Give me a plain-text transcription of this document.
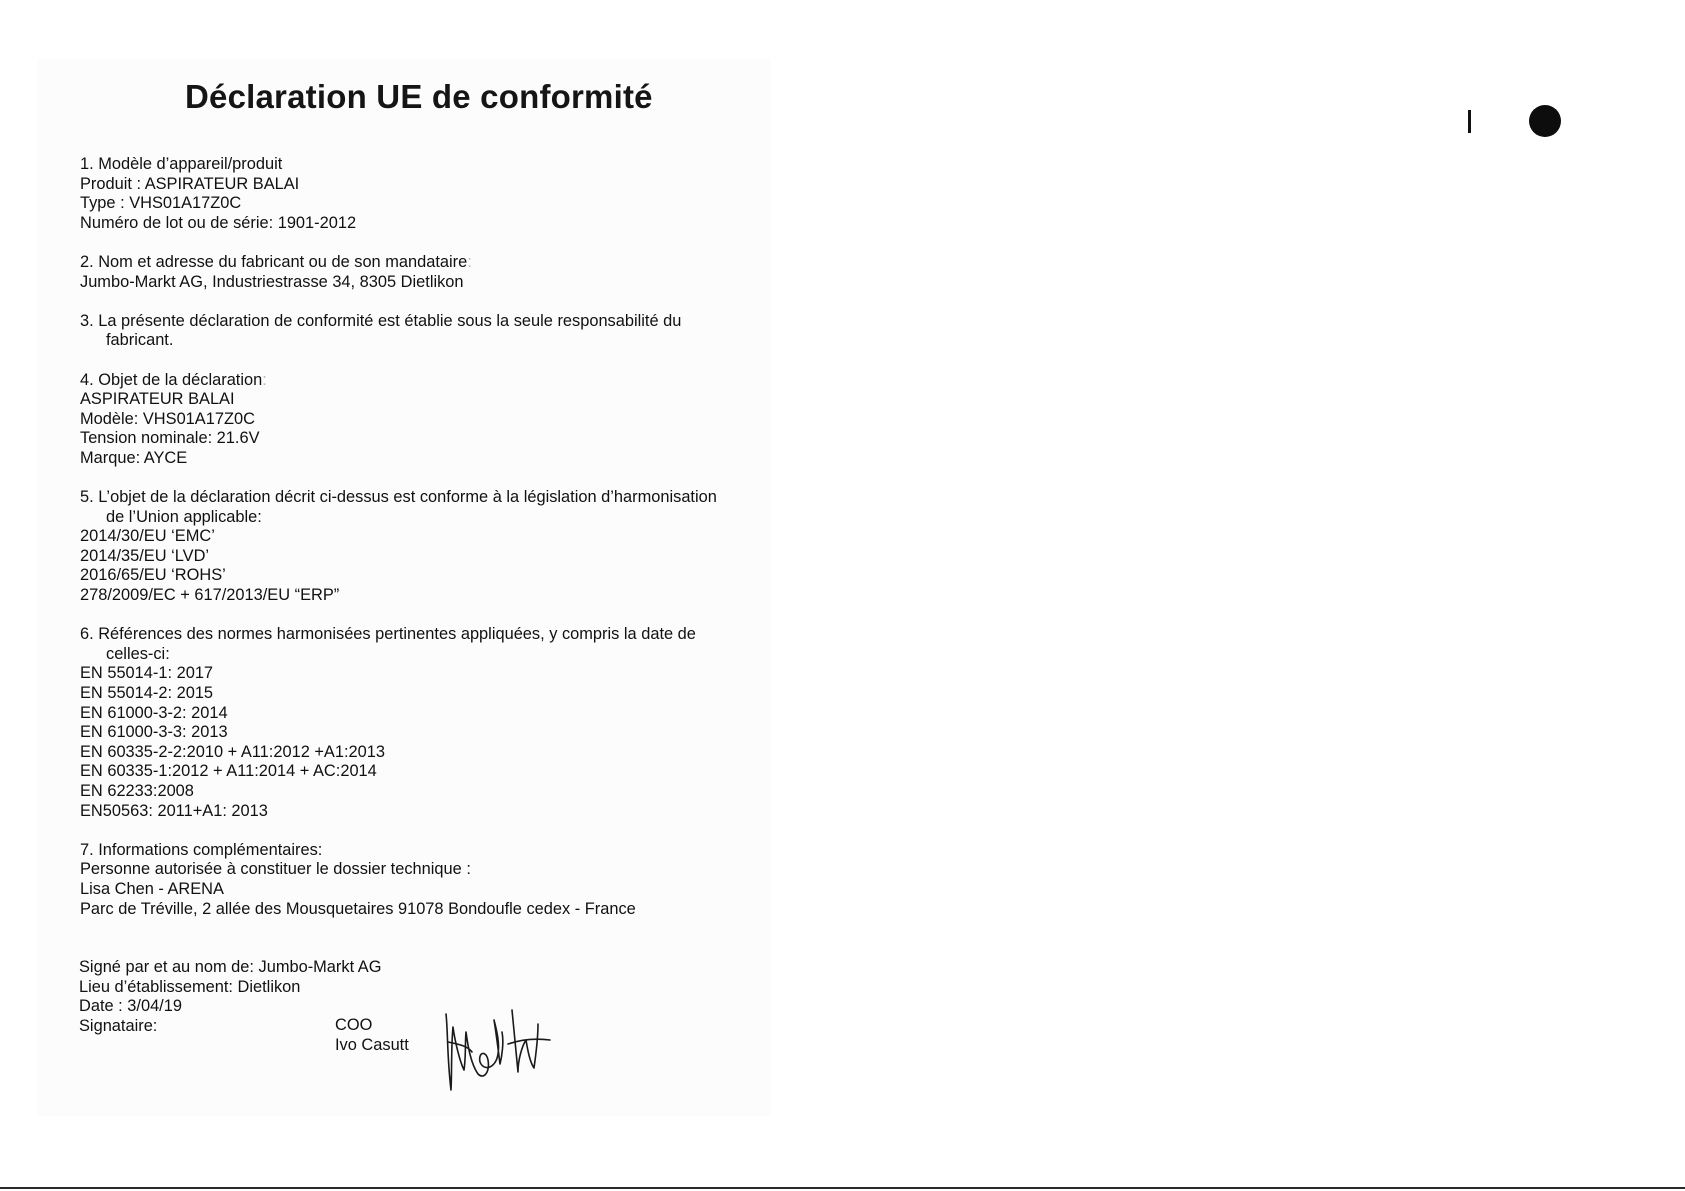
Déclaration UE de conformité
1. Modèle d’appareil/produit
Produit : ASPIRATEUR BALAI
Type : VHS01A17Z0C
Numéro de lot ou de série: 1901-2012
2. Nom et adresse du fabricant ou de son mandataire:
Jumbo-Markt AG, Industriestrasse 34, 8305 Dietlikon
3. La présente déclaration de conformité est établie sous la seule responsabilité du
fabricant.
4. Objet de la déclaration:
ASPIRATEUR BALAI
Modèle: VHS01A17Z0C
Tension nominale: 21.6V
Marque: AYCE
5. L’objet de la déclaration décrit ci-dessus est conforme à la législation d’harmonisation
de l’Union applicable:
2014/30/EU ‘EMC’
2014/35/EU ‘LVD’
2016/65/EU ‘ROHS’
278/2009/EC + 617/2013/EU “ERP”
6. Références des normes harmonisées pertinentes appliquées, y compris la date de
celles-ci:
EN 55014-1: 2017
EN 55014-2: 2015
EN 61000-3-2: 2014
EN 61000-3-3: 2013
EN 60335-2-2:2010 + A11:2012 +A1:2013
EN 60335-1:2012 + A11:2014 + AC:2014
EN 62233:2008
EN50563: 2011+A1: 2013
7. Informations complémentaires:
Personne autorisée à constituer le dossier technique :
Lisa Chen - ARENA
Parc de Tréville, 2 allée des Mousquetaires 91078 Bondoufle cedex - France
Signé par et au nom de: Jumbo-Markt AG
Lieu d’établissement: Dietlikon
Date : 3/04/19
Signataire:	COO
Ivo Casutt
